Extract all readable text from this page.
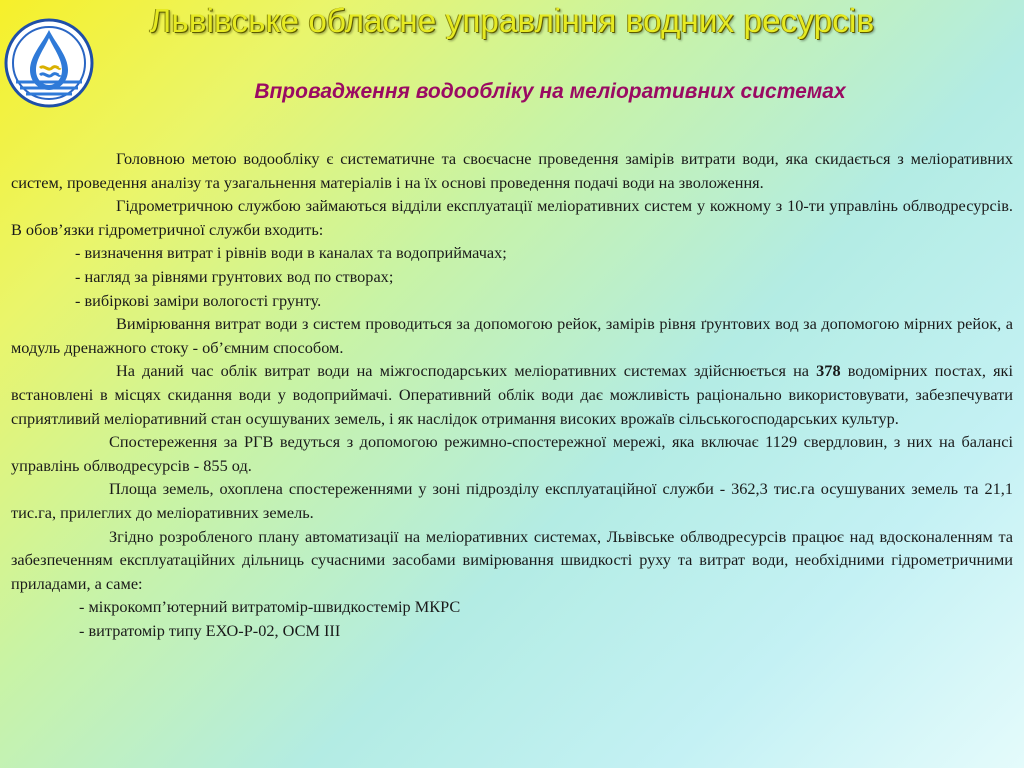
Львівське обласне управління водних ресурсів
Впровадження водообліку на меліоративних системах

Головною метою водообліку є систематичне та своєчасне проведення замірів витрати води, яка скидається з меліоративних систем, проведення аналізу та узагальнення матеріалів і на їх основі проведення подачі води на зволоження.

Гідрометричною службою займаються відділи експлуатації меліоративних систем у кожному з 10-ти управлінь облводресурсів. В обов’язки гідрометричної служби входить:

- визначення витрат і рівнів води в каналах та водоприймачах;

- нагляд за рівнями грунтових вод по створах;

- вибіркові заміри вологості грунту.

Вимірювання витрат води з систем проводиться за допомогою рейок, замірів рівня ґрунтових вод за допомогою мірних рейок, а модуль дренажного стоку - об’ємним способом.

На даний час облік витрат води на міжгосподарських меліоративних системах здійснюється на 378 водомірних постах, які встановлені в місцях скидання води у водоприймачі. Оперативний облік води дає можливість раціонально використовувати, забезпечувати сприятливий меліоративний стан осушуваних земель, і як наслідок отримання високих врожаїв сільськогосподарських культур.

Спостереження за РГВ ведуться з допомогою режимно-спостережної мережі, яка включає 1129 свердловин, з них на балансі управлінь облводресурсів - 855 од.

Площа земель, охоплена спостереженнями у зоні підрозділу експлуатаційної служби - 362,3 тис.га осушуваних земель та 21,1 тис.га, прилеглих до меліоративних земель.

Згідно розробленого плану автоматизації на меліоративних системах, Львівське облводресурсів працює над вдосконаленням та забезпеченням експлуатаційних дільниць сучасними засобами вимірювання швидкості руху та витрат води, необхідними гідрометричними приладами, а саме:

- мікрокомп’ютерний витратомір-швидкостемір МКРС

- витратомір типу ЕХО-Р-02, ОСМ ІІІ
